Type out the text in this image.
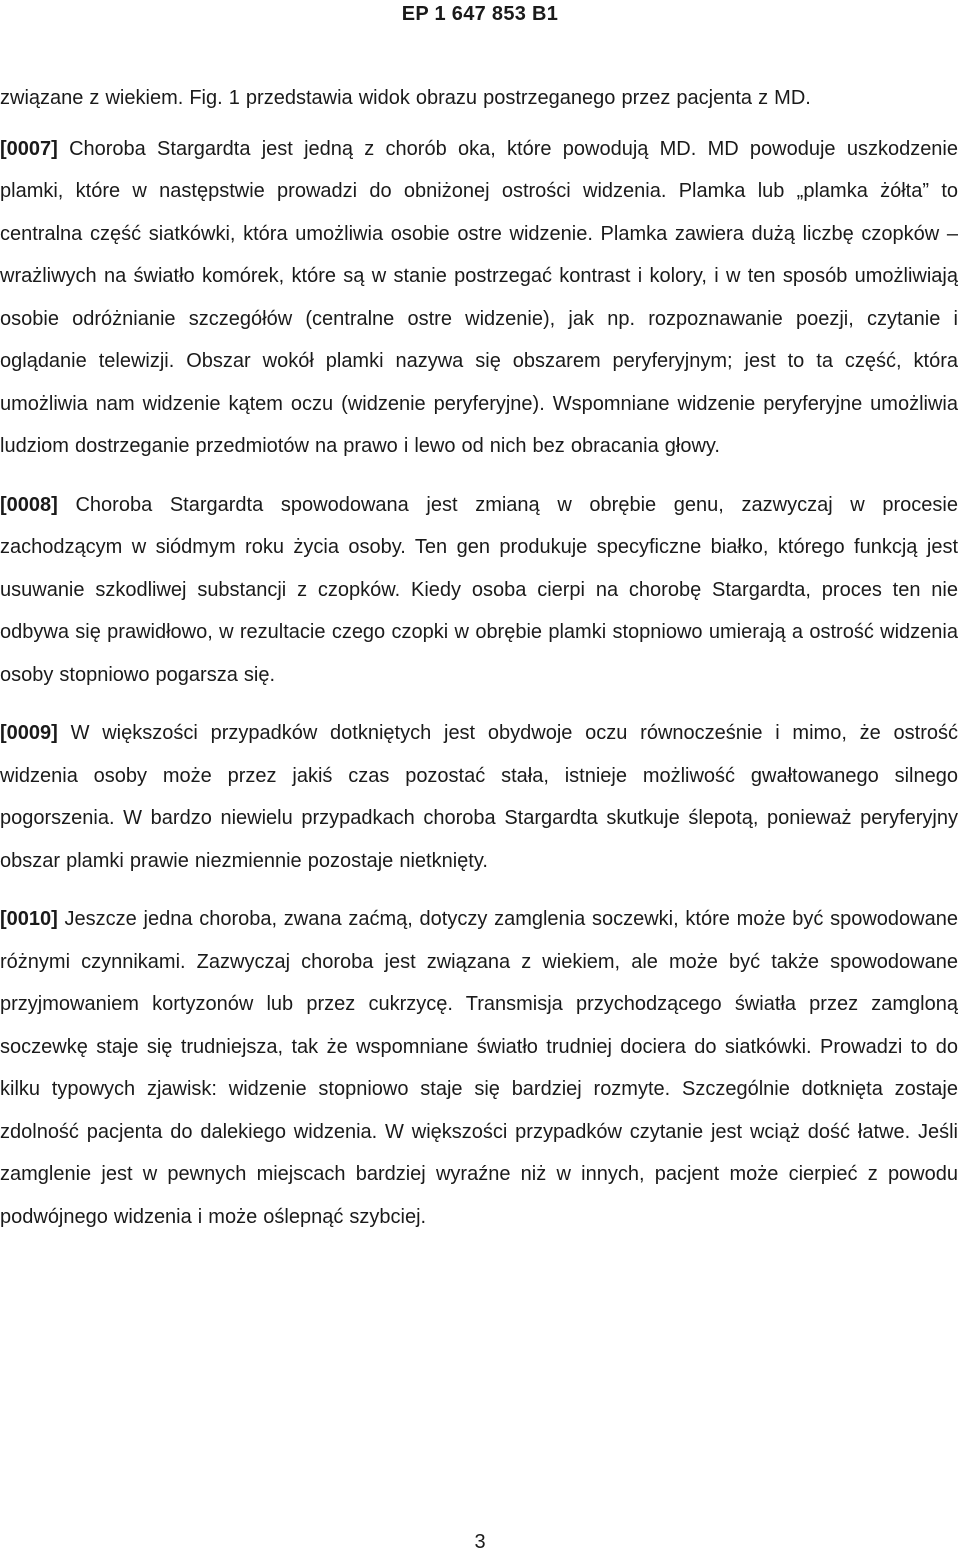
EP 1 647 853 B1

związane z wiekiem. Fig. 1 przedstawia widok obrazu postrzeganego przez pacjenta z MD.

[0007] Choroba Stargardta jest jedną z chorób oka, które powodują MD. MD powoduje uszkodzenie plamki, które w następstwie prowadzi do obniżonej ostrości widzenia. Plamka lub „plamka żółta” to centralna część siatkówki, która umożliwia osobie ostre widzenie. Plamka zawiera dużą liczbę czopków – wrażliwych na światło komórek, które są w stanie postrzegać kontrast i kolory, i w ten sposób umożliwiają osobie odróżnianie szczegółów (centralne ostre widzenie), jak np. rozpoznawanie poezji, czytanie i oglądanie telewizji. Obszar wokół plamki nazywa się obszarem peryferyjnym; jest to ta część, która umożliwia nam widzenie kątem oczu (widzenie peryferyjne). Wspomniane widzenie peryferyjne umożliwia ludziom dostrzeganie przedmiotów na prawo i lewo od nich bez obracania głowy.

[0008] Choroba Stargardta spowodowana jest zmianą w obrębie genu, zazwyczaj w procesie zachodzącym w siódmym roku życia osoby. Ten gen produkuje specyficzne białko, którego funkcją jest usuwanie szkodliwej substancji z czopków. Kiedy osoba cierpi na chorobę Stargardta, proces ten nie odbywa się prawidłowo, w rezultacie czego czopki w obrębie plamki stopniowo umierają a ostrość widzenia osoby stopniowo pogarsza się.

[0009] W większości przypadków dotkniętych jest obydwoje oczu równocześnie i mimo, że ostrość widzenia osoby może przez jakiś czas pozostać stała, istnieje możliwość gwałtowanego silnego pogorszenia. W bardzo niewielu przypadkach choroba Stargardta skutkuje ślepotą, ponieważ peryferyjny obszar plamki prawie niezmiennie pozostaje nietknięty.

[0010] Jeszcze jedna choroba, zwana zaćmą, dotyczy zamglenia soczewki, które może być spowodowane różnymi czynnikami. Zazwyczaj choroba jest związana z wiekiem, ale może być także spowodowane przyjmowaniem kortyzonów lub przez cukrzycę. Transmisja przychodzącego światła przez zamgloną soczewkę staje się trudniejsza, tak że wspomniane światło trudniej dociera do siatkówki. Prowadzi to do kilku typowych zjawisk: widzenie stopniowo staje się bardziej rozmyte. Szczególnie dotknięta zostaje zdolność pacjenta do dalekiego widzenia. W większości przypadków czytanie jest wciąż dość łatwe. Jeśli zamglenie jest w pewnych miejscach bardziej wyraźne niż w innych, pacjent może cierpieć z powodu podwójnego widzenia i może oślepnąć szybciej.

3
